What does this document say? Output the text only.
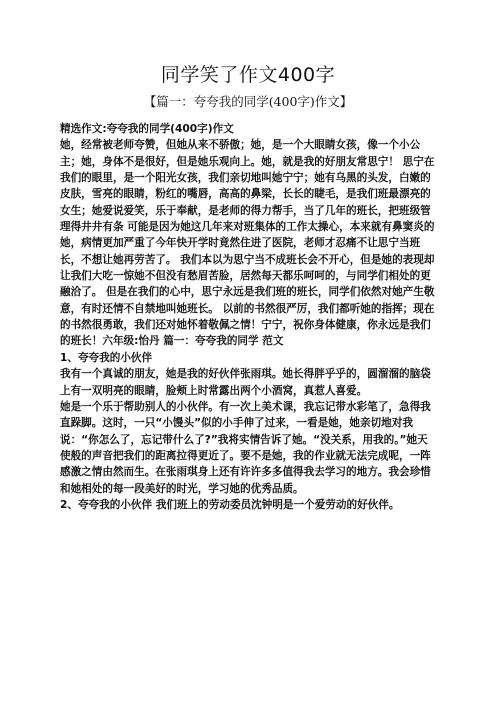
同学笑了作文400字
【篇一：夸夸我的同学(400字)作文】

精选作文:夸夸我的同学(400字)作文

她，经常被老师夸赞，但她从来不骄傲；她，是一个大眼睛女孩，像一个小公主；她，身体不是很好，但是她乐观向上。她，就是我的好朋友常思宁！ 思宁在我们的眼里，是一个阳光女孩，我们亲切地叫她宁宁；她有乌黑的头发，白嫩的皮肤，雪亮的眼睛，粉红的嘴唇，高高的鼻梁，长长的睫毛，是我们班最漂亮的女生；她爱说爱笑，乐于奉献，是老师的得力帮手，当了几年的班长，把班级管理得井井有条 可能是因为她这几年来对班集体的工作太操心，本来就有鼻窦炎的她，病情更加严重了今年快开学时竟然住进了医院，老师才忍痛不让思宁当班长，不想让她再劳苦了。 我们本以为思宁当不成班长会不开心，但是她的表现却让我们大吃一惊她不但没有愁眉苦脸，居然每天都乐呵呵的，与同学们相处的更融洽了。 但是在我们的心中，思宁永远是我们班的班长，同学们依然对她产生敬意，有时还情不自禁地叫她班长。 以前的书然很严厉，我们都听她的指挥；现在的书然很勇敢，我们还对她怀着敬佩之情！宁宁，祝你身体健康，你永远是我们的班长！六年级:怡丹 篇一：夸夸我的同学 范文

1、夸夸我的小伙伴

我有一个真诚的朋友，她是我的好伙伴张雨琪。她长得胖乎乎的，圆溜溜的脑袋上有一双明亮的眼睛，脸颊上时常露出两个小酒窝，真惹人喜爱。

她是一个乐于帮助别人的小伙伴。有一次上美术课，我忘记带水彩笔了，急得我直跺脚。这时，一只“小馒头”似的小手伸了过来，一看是她，她亲切地对我说：“你怎么了，忘记带什么了?”我将实情告诉了她。“没关系，用我的。”她天使般的声音把我们的距离拉得更近了。要不是她，我的作业就无法完成呢，一阵感激之情由然而生。在张雨琪身上还有许许多多值得我去学习的地方。我会珍惜和她相处的每一段美好的时光，学习她的优秀品质。

2、夸夸我的小伙伴 我们班上的劳动委员沈钟明是一个爱劳动的好伙伴。
